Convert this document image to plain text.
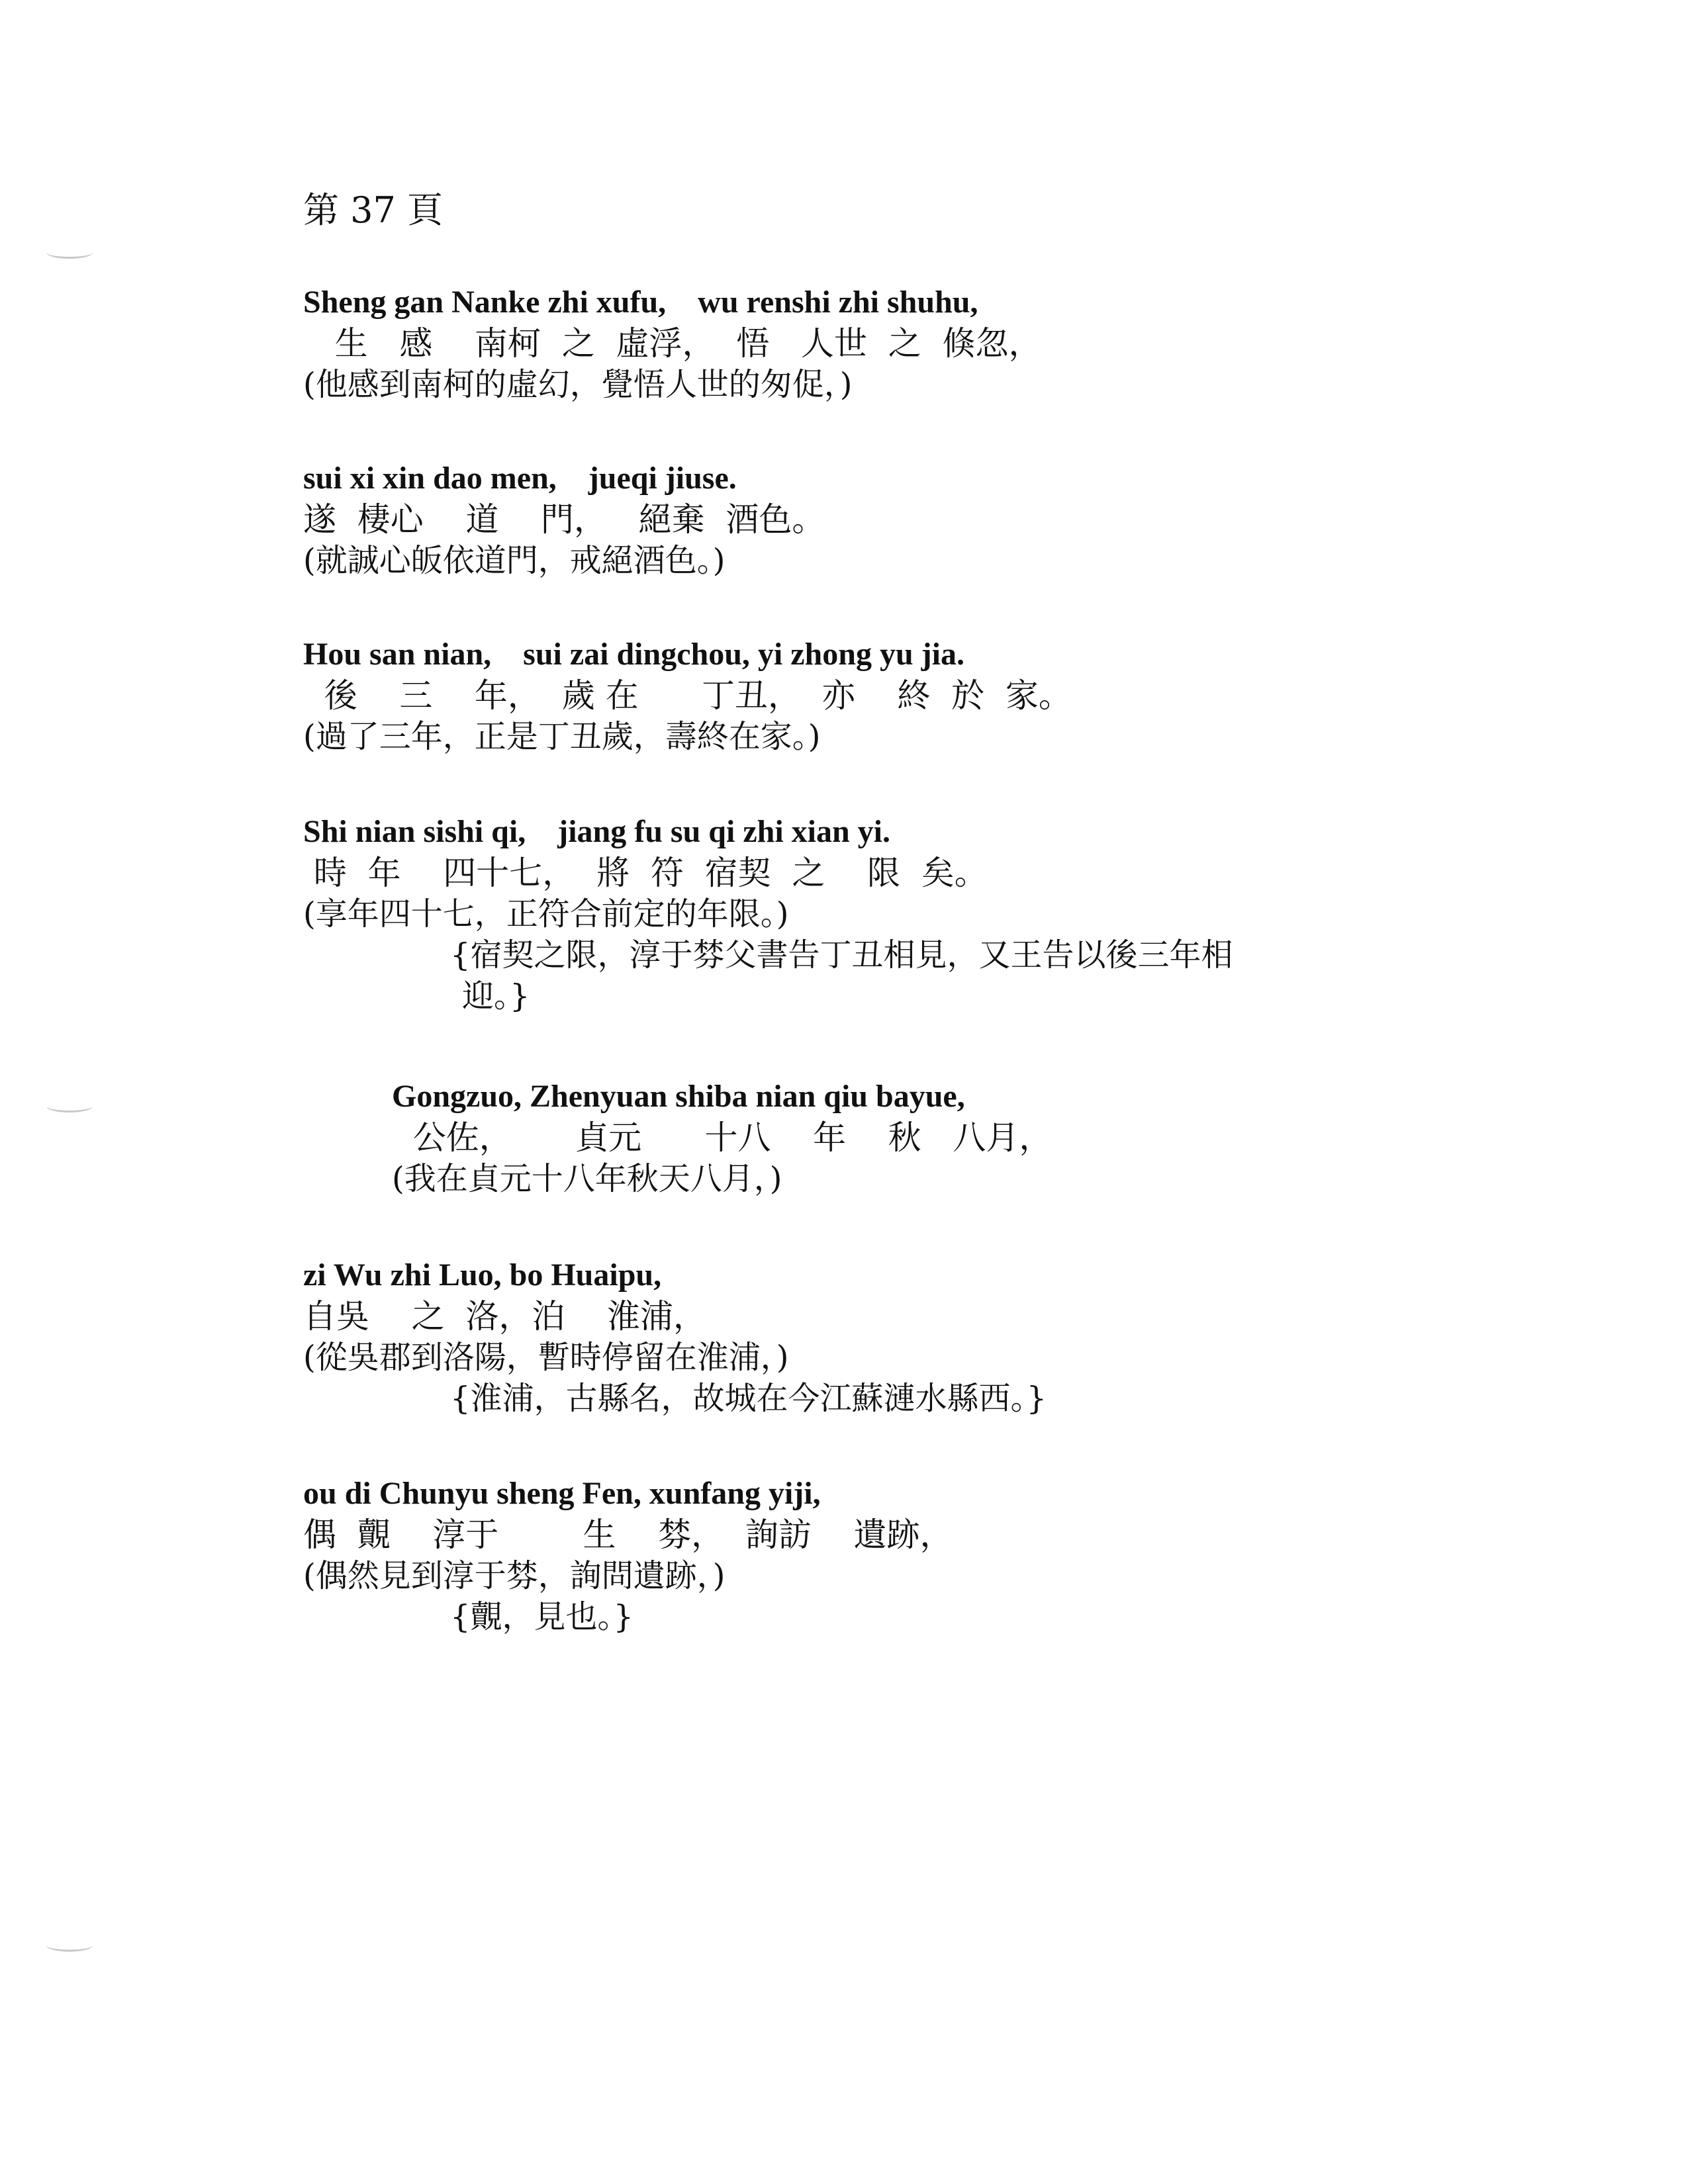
第 37 頁
Sheng gan Nanke zhi xufu,    wu renshi zhi shuhu,
生   感    南柯  之  虛浮，  悟   人世  之  倏忽，
(他感到南柯的虛幻，覺悟人世的匆促，)
sui xi xin dao men,    jueqi jiuse.
遂  棲心    道    門，   絕棄  酒色。
(就誠心皈依道門，戒絕酒色。)
Hou san nian,    sui zai dingchou, yi zhong yu jia.
後    三    年，  歲 在      丁丑，  亦    終  於  家。
(過了三年，正是丁丑歲，壽終在家。)
Shi nian sishi qi,    jiang fu su qi zhi xian yi.
時  年    四十七，  將  符  宿契  之    限  矣。
(享年四十七，正符合前定的年限。)
{宿契之限，淳于棼父書告丁丑相見，又王告以後三年相
迎。}
Gongzuo, Zhenyuan shiba nian qiu bayue,
公佐，      貞元      十八    年    秋   八月，
(我在貞元十八年秋天八月，)
zi Wu zhi Luo, bo Huaipu,
自吳    之  洛，泊    淮浦，
(從吳郡到洛陽，暫時停留在淮浦，)
{淮浦，古縣名，故城在今江蘇漣水縣西。}
ou di Chunyu sheng Fen, xunfang yiji,
偶  覿    淳于        生    棼，  詢訪    遺跡，
(偶然見到淳于棼，詢問遺跡，)
{覿，見也。}
